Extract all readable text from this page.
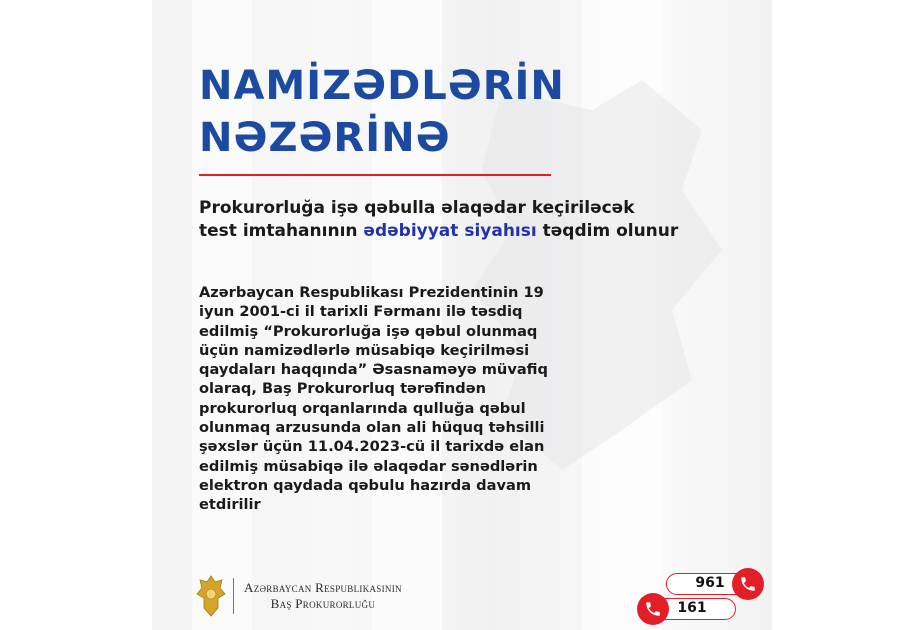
NAMİZƏDLƏRİN
NƏZƏRİNƏ
Prokurorluğa işə qəbulla əlaqədar keçiriləcək
test imtahanının ədəbiyyat siyahısı təqdim olunur
Azərbaycan Respublikası Prezidentinin 19
iyun 2001-ci il tarixli Fərmanı ilə təsdiq
edilmiş “Prokurorluğa işə qəbul olunmaq
üçün namizədlərlə müsabiqə keçirilməsi
qaydaları haqqında” Əsasnaməyə müvafiq
olaraq, Baş Prokurorluq tərəfindən
prokurorluq orqanlarında qulluğa qəbul
olunmaq arzusunda olan ali hüquq təhsilli
şəxslər üçün 11.04.2023-cü il tarixdə elan
edilmiş müsabiqə ilə əlaqədar sənədlərin
elektron qaydada qəbulu hazırda davam
etdirilir
Azərbaycan Respublikasının
Baş Prokurorluğu
961
161
